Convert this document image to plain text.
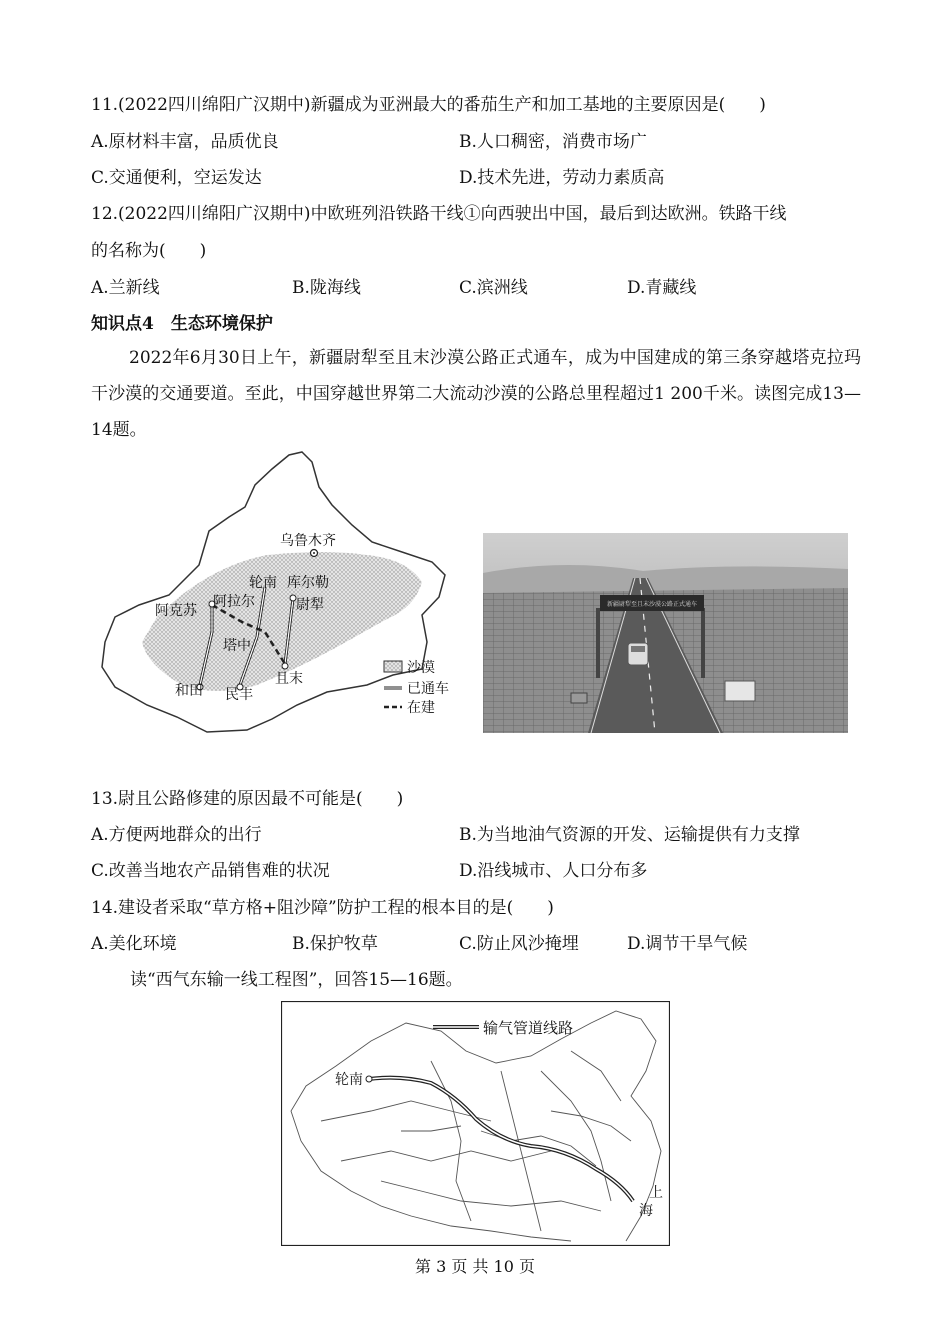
11.(2022四川绵阳广汉期中)新疆成为亚洲最大的番茄生产和加工基地的主要原因是(　　)
A.原材料丰富，品质优良	B.人口稠密，消费市场广
C.交通便利，空运发达	D.技术先进，劳动力素质高
12.(2022四川绵阳广汉期中)中欧班列沿铁路干线①向西驶出中国，最后到达欧洲。铁路干线
的名称为(　　)
A.兰新线	B.陇海线	C.滨洲线	D.青藏线
知识点4　生态环境保护
2022年6月30日上午，新疆尉犁至且末沙漠公路正式通车，成为中国建成的第三条穿越塔克拉玛干沙漠的交通要道。至此，中国穿越世界第二大流动沙漠的公路总里程超过1 200千米。读图完成13—14题。
乌鲁木齐
轮南 库尔勒
阿克苏
阿拉尔	尉犁
塔中
且末
和田 民丰
沙漠
已通车
在建
新疆尉犁至且末沙漠公路正式通车
13.尉且公路修建的原因最不可能是(　　)
A.方便两地群众的出行	B.为当地油气资源的开发、运输提供有力支撑
C.改善当地农产品销售难的状况	D.沿线城市、人口分布多
14.建设者采取“草方格+阻沙障”防护工程的根本目的是(　　)
A.美化环境	B.保护牧草	C.防止风沙掩埋	D.调节干旱气候
读“西气东输一线工程图”，回答15—16题。
输气管道线路
轮南
上
海
第 3 页 共 10 页
